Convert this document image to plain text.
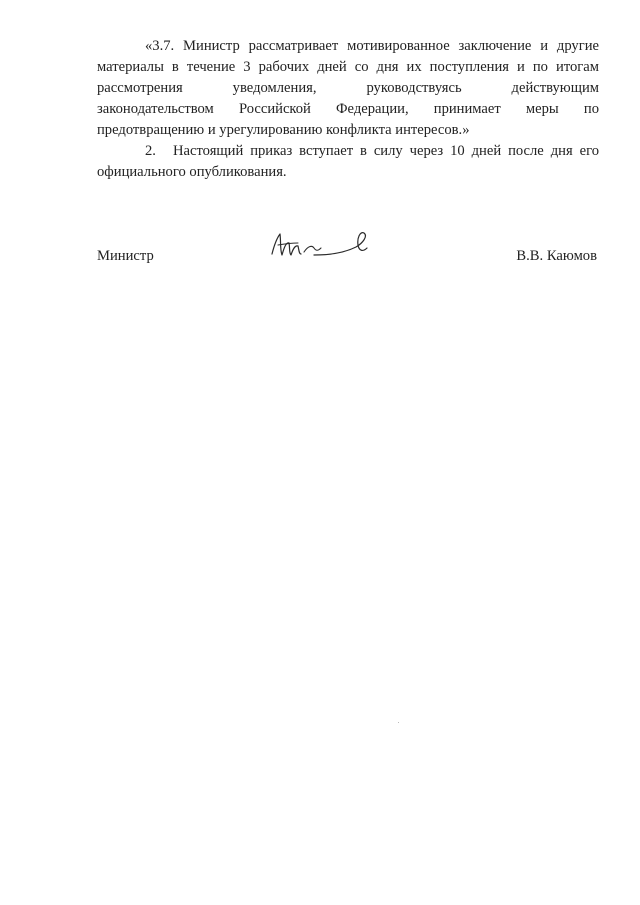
«3.7. Министр рассматривает мотивированное заключение и другие
материалы в течение 3 рабочих дней со дня их поступления и по итогам
рассмотрения уведомления, руководствуясь действующим
законодательством Российской Федерации, принимает меры по
предотвращению и урегулированию конфликта интересов.»
2.	Настоящий приказ вступает в силу через 10 дней после дня его
официального опубликования.
Министр	В.В. Каюмов
